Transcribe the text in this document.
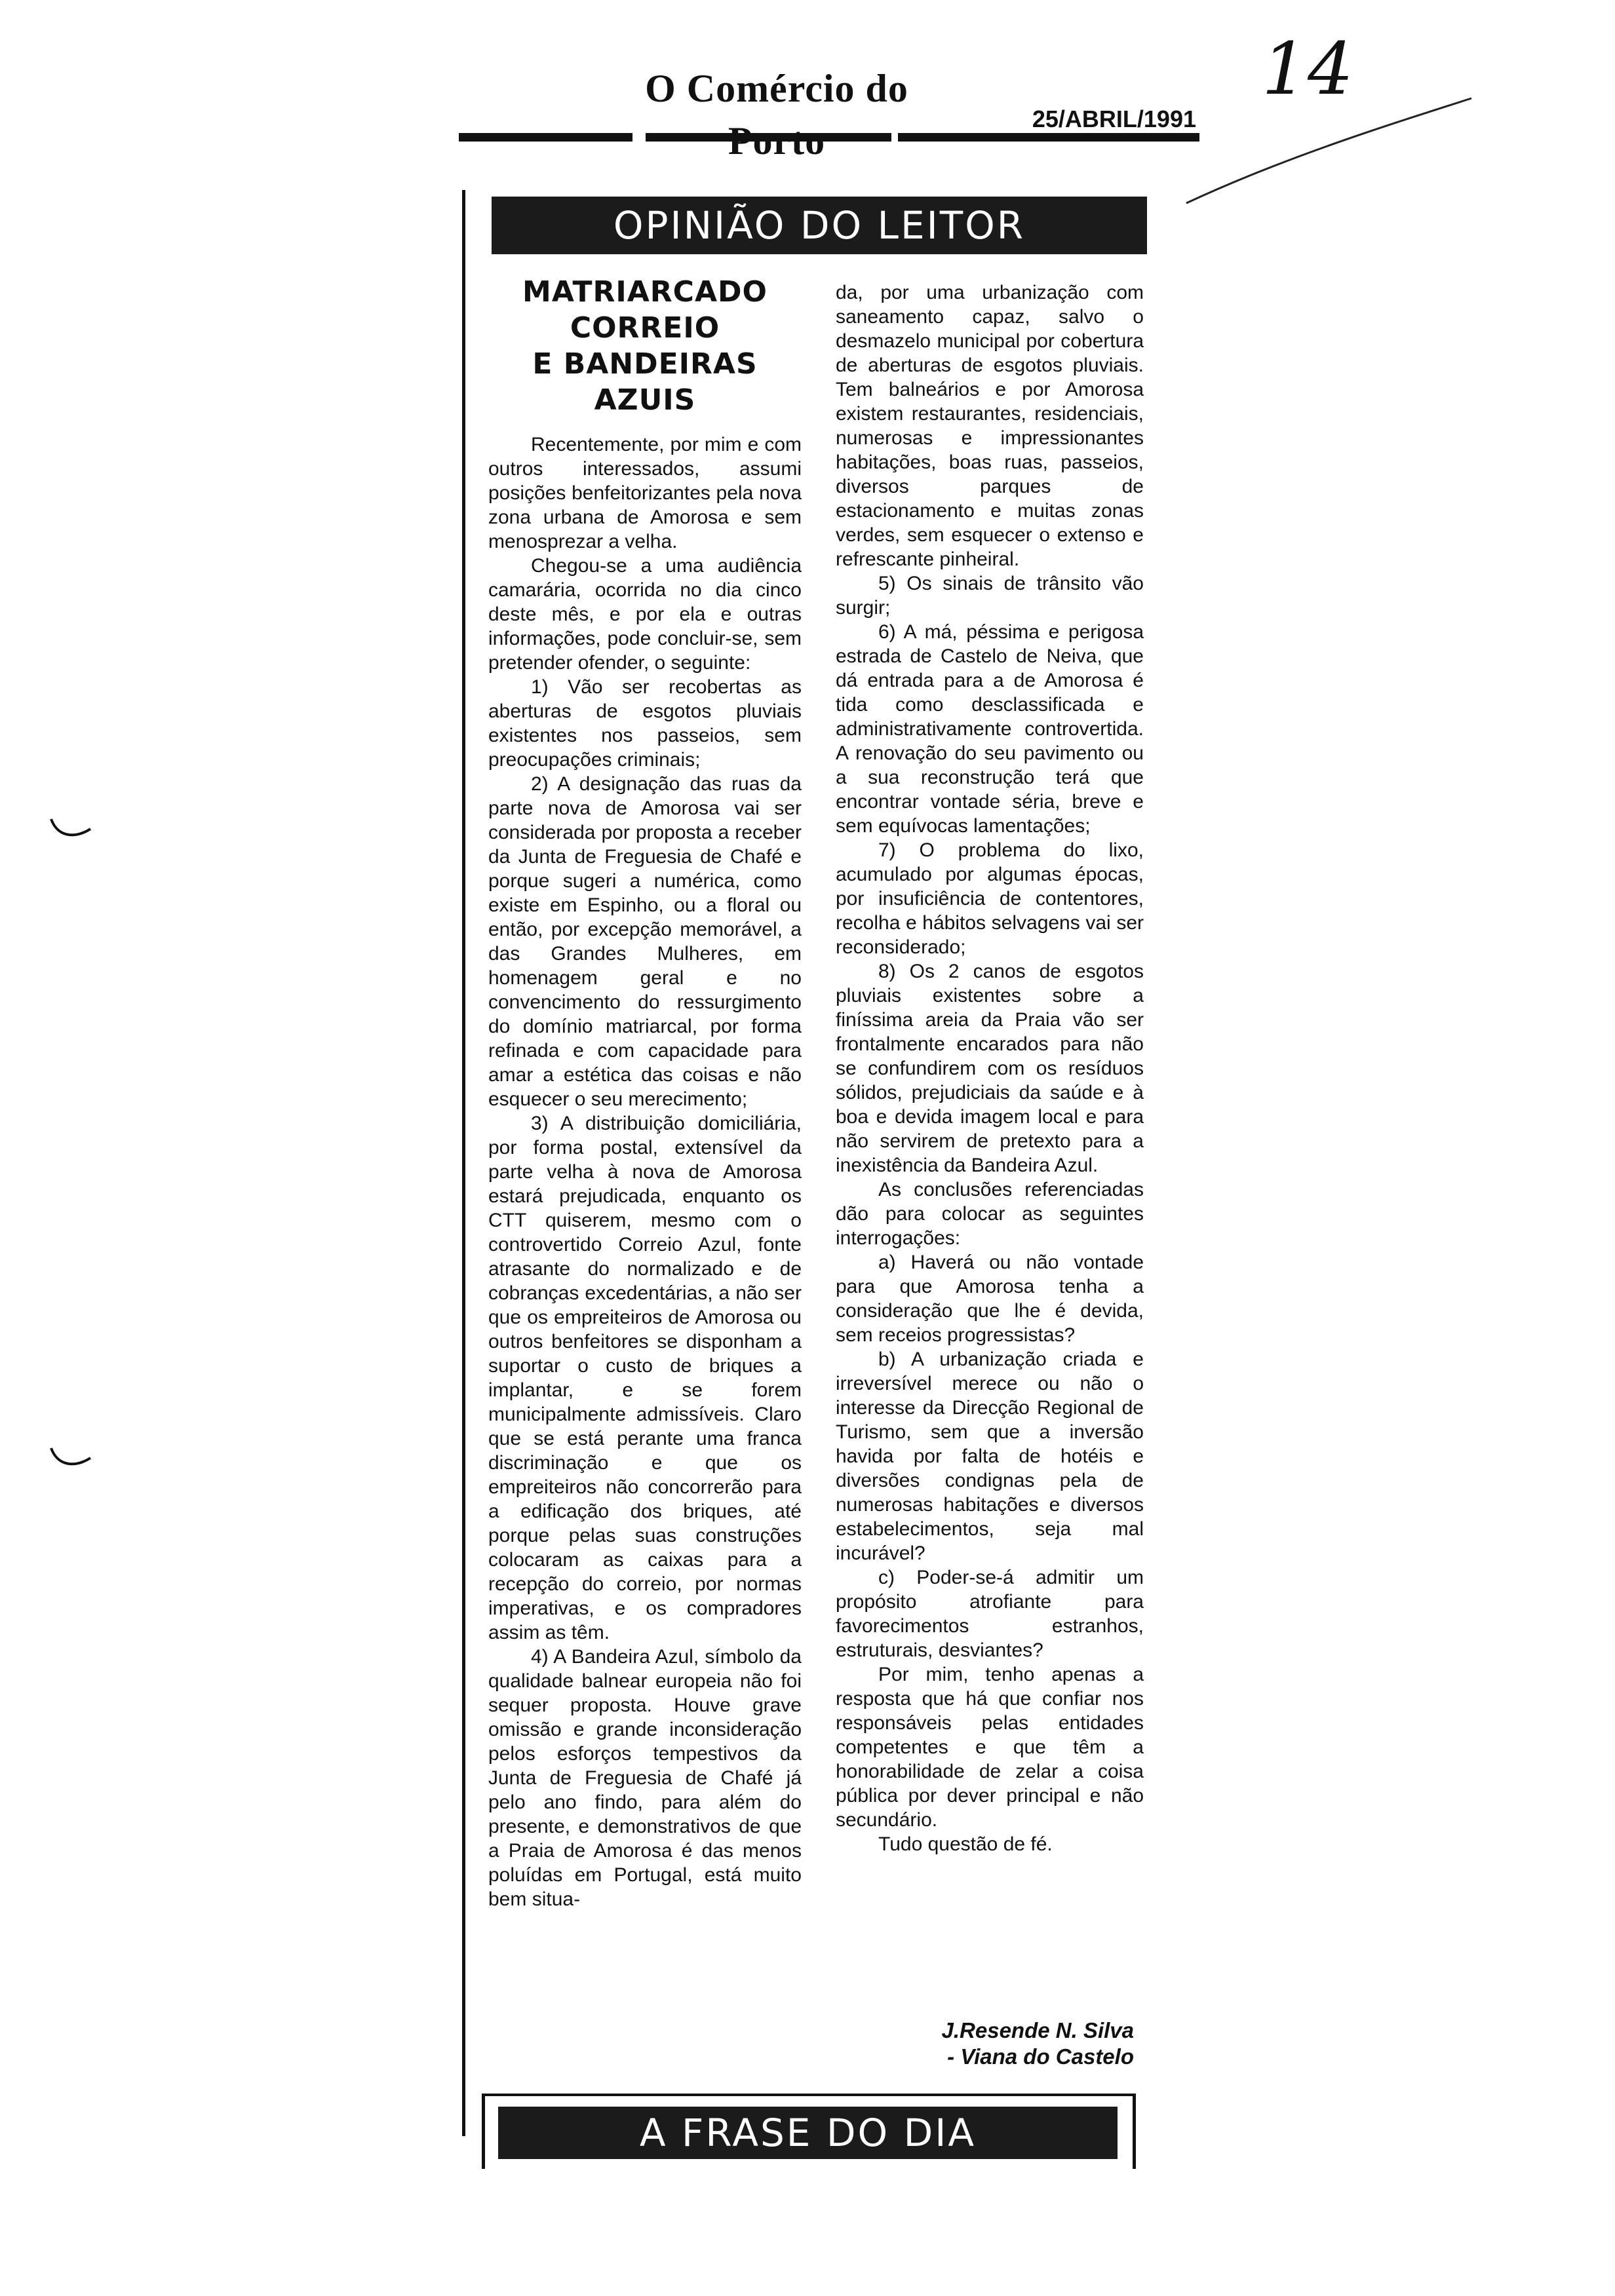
O Comércio do
25/ABRIL/1991
14
OPINIÃO DO LEITOR
MATRIARCADO
CORREIO
E BANDEIRAS
AZUIS

Recentemente, por mim e com outros interessados, assumi posições benfeitorizantes pela nova zona urbana de Amorosa e sem menosprezar a velha.

Chegou-se a uma audiência camarária, ocorrida no dia cinco deste mês, e por ela e outras informações, pode concluir-se, sem pretender ofender, o seguinte:

1) Vão ser recobertas as aberturas de esgotos pluviais existentes nos passeios, sem preocupações criminais;

2) A designação das ruas da parte nova de Amorosa vai ser considerada por proposta a receber da Junta de Freguesia de Chafé e porque sugeri a numérica, como existe em Espinho, ou a floral ou então, por excepção memorável, a das Grandes Mulheres, em homenagem geral e no convencimento do ressurgimento do domínio matriarcal, por forma refinada e com capacidade para amar a estética das coisas e não esquecer o seu merecimento;

3) A distribuição domiciliária, por forma postal, extensível da parte velha à nova de Amorosa estará prejudicada, enquanto os CTT quiserem, mesmo com o controvertido Correio Azul, fonte atrasante do normalizado e de cobranças excedentárias, a não ser que os empreiteiros de Amorosa ou outros benfeitores se disponham a suportar o custo de briques a implantar, e se forem municipalmente admissíveis. Claro que se está perante uma franca discriminação e que os empreiteiros não concorrerão para a edificação dos briques, até porque pelas suas construções colocaram as caixas para a recepção do correio, por normas imperativas, e os compradores assim as têm.

4) A Bandeira Azul, símbolo da qualidade balnear europeia não foi sequer proposta. Houve grave omissão e grande inconsideração pelos esforços tempestivos da Junta de Freguesia de Chafé já pelo ano findo, para além do presente, e demonstrativos de que a Praia de Amorosa é das menos poluídas em Portugal, está muito bem situa-

da, por uma urbanização com saneamento capaz, salvo o desmazelo municipal por cobertura de aberturas de esgotos pluviais. Tem balneários e por Amorosa existem restaurantes, residenciais, numerosas e impressionantes habitações, boas ruas, passeios, diversos parques de estacionamento e muitas zonas verdes, sem esquecer o extenso e refrescante pinheiral.

5) Os sinais de trânsito vão surgir;

6) A má, péssima e perigosa estrada de Castelo de Neiva, que dá entrada para a de Amorosa é tida como desclassificada e administrativamente controvertida. A renovação do seu pavimento ou a sua reconstrução terá que encontrar vontade séria, breve e sem equívocas lamentações;

7) O problema do lixo, acumulado por algumas épocas, por insuficiência de contentores, recolha e hábitos selvagens vai ser reconsiderado;

8) Os 2 canos de esgotos pluviais existentes sobre a finíssima areia da Praia vão ser frontalmente encarados para não se confundirem com os resíduos sólidos, prejudiciais da saúde e à boa e devida imagem local e para não servirem de pretexto para a inexistência da Bandeira Azul.

As conclusões referenciadas dão para colocar as seguintes interrogações:

a) Haverá ou não vontade para que Amorosa tenha a consideração que lhe é devida, sem receios progressistas?

b) A urbanização criada e irreversível merece ou não o interesse da Direcção Regional de Turismo, sem que a inversão havida por falta de hotéis e diversões condignas pela de numerosas habitações e diversos estabelecimentos, seja mal incurável?

c) Poder-se-á admitir um propósito atrofiante para favorecimentos estranhos, estruturais, desviantes?

Por mim, tenho apenas a resposta que há que confiar nos responsáveis pelas entidades competentes e que têm a honorabilidade de zelar a coisa pública por dever principal e não secundário.

Tudo questão de fé.

J.Resende N. Silva
- Viana do Castelo
A FRASE DO DIA
